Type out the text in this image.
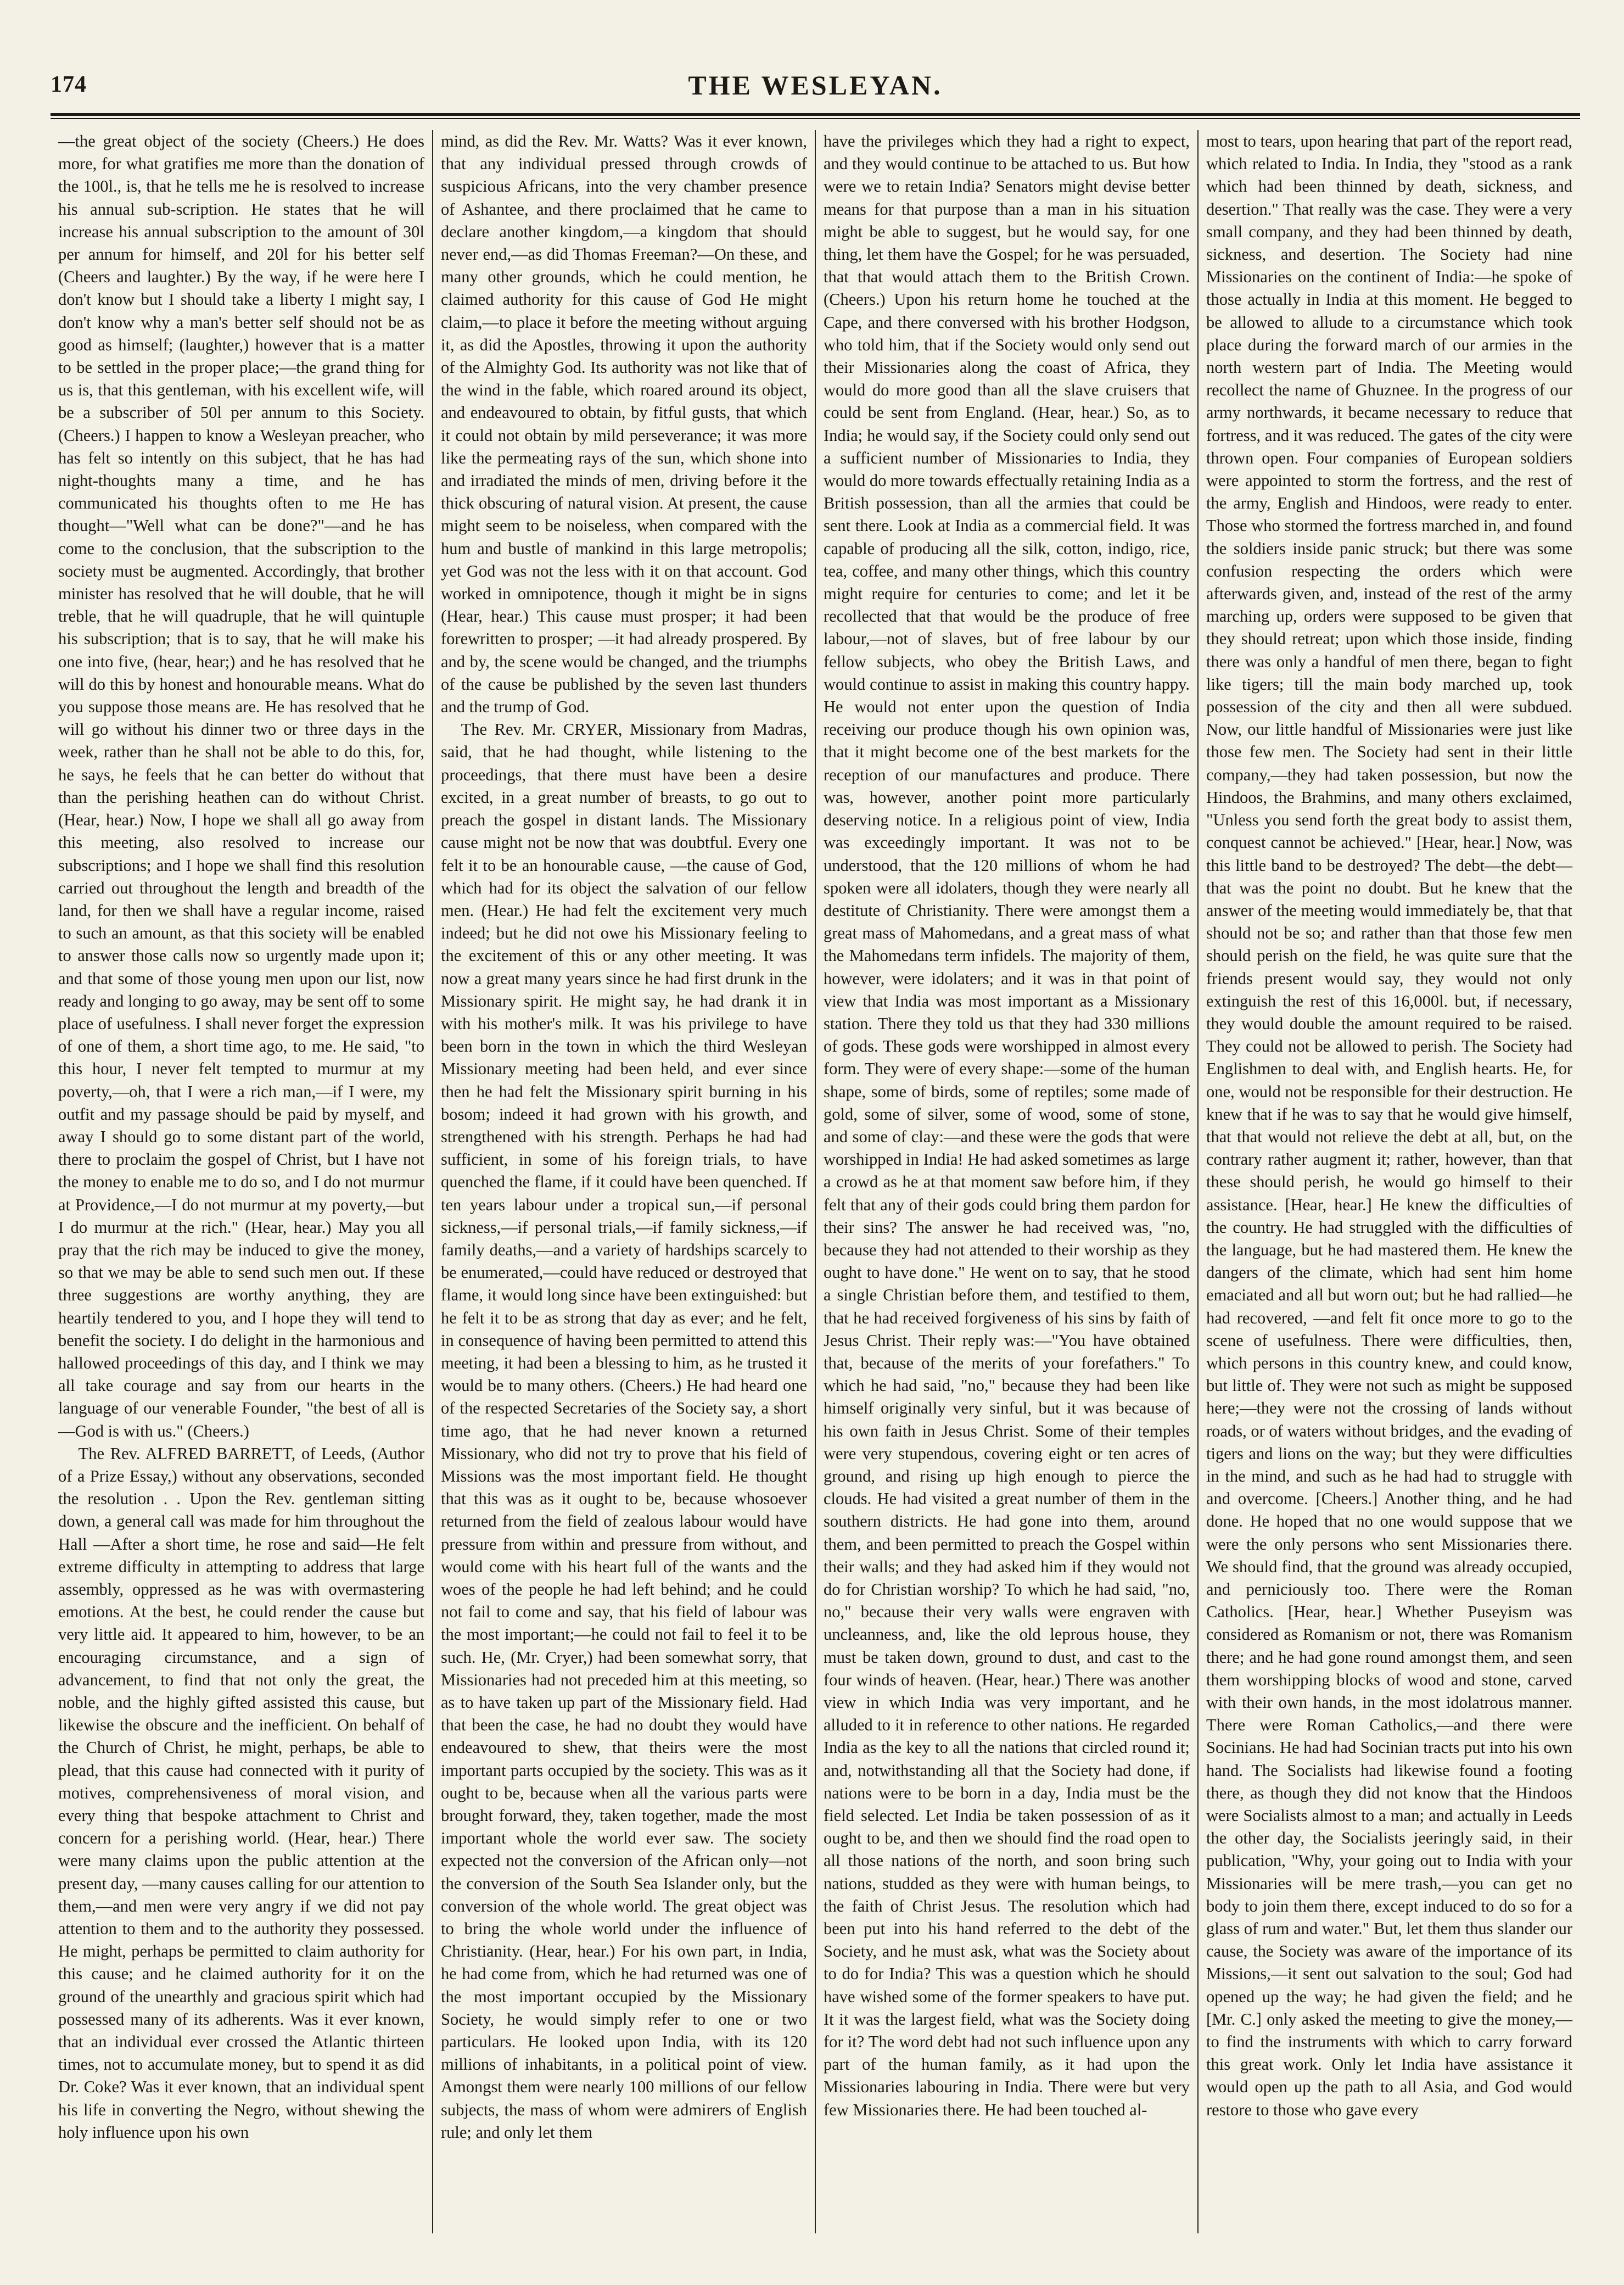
174	THE WESLEYAN.

—the great object of the society (Cheers.) He does more, for what gratifies me more than the donation of the 100l., is, that he tells me he is resolved to increase his annual sub-scription. He states that he will increase his annual subscription to the amount of 30l per annum for himself, and 20l for his better self (Cheers and laughter.) By the way, if he were here I don't know but I should take a liberty I might say, I don't know why a man's better self should not be as good as himself; (laughter,) however that is a matter to be settled in the proper place;—the grand thing for us is, that this gentleman, with his excellent wife, will be a subscriber of 50l per annum to this Society. (Cheers.) I happen to know a Wesleyan preacher, who has felt so intently on this subject, that he has had night-thoughts many a time, and he has communicated his thoughts often to me He has thought—"Well what can be done?"—and he has come to the conclusion, that the subscription to the society must be augmented. Accordingly, that brother minister has resolved that he will double, that he will treble, that he will quadruple, that he will quintuple his subscription; that is to say, that he will make his one into five, (hear, hear;) and he has resolved that he will do this by honest and honourable means. What do you suppose those means are. He has resolved that he will go without his dinner two or three days in the week, rather than he shall not be able to do this, for, he says, he feels that he can better do without that than the perishing heathen can do without Christ. (Hear, hear.) Now, I hope we shall all go away from this meeting, also resolved to increase our subscriptions; and I hope we shall find this resolution carried out throughout the length and breadth of the land, for then we shall have a regular income, raised to such an amount, as that this society will be enabled to answer those calls now so urgently made upon it; and that some of those young men upon our list, now ready and longing to go away, may be sent off to some place of usefulness. I shall never forget the expression of one of them, a short time ago, to me. He said, "to this hour, I never felt tempted to murmur at my poverty,—oh, that I were a rich man,—if I were, my outfit and my passage should be paid by myself, and away I should go to some distant part of the world, there to proclaim the gospel of Christ, but I have not the money to enable me to do so, and I do not murmur at Providence,—I do not murmur at my poverty,—but I do murmur at the rich." (Hear, hear.) May you all pray that the rich may be induced to give the money, so that we may be able to send such men out. If these three suggestions are worthy anything, they are heartily tendered to you, and I hope they will tend to benefit the society. I do delight in the harmonious and hallowed proceedings of this day, and I think we may all take courage and say from our hearts in the language of our venerable Founder, "the best of all is—God is with us." (Cheers.)

The Rev. ALFRED BARRETT, of Leeds, (Author of a Prize Essay,) without any observations, seconded the resolution . . Upon the Rev. gentleman sitting down, a general call was made for him throughout the Hall —After a short time, he rose and said—He felt extreme difficulty in attempting to address that large assembly, oppressed as he was with overmastering emotions. At the best, he could render the cause but very little aid. It appeared to him, however, to be an encouraging circumstance, and a sign of advancement, to find that not only the great, the noble, and the highly gifted assisted this cause, but likewise the obscure and the inefficient. On behalf of the Church of Christ, he might, perhaps, be able to plead, that this cause had connected with it purity of motives, comprehensiveness of moral vision, and every thing that bespoke attachment to Christ and concern for a perishing world. (Hear, hear.) There were many claims upon the public attention at the present day, —many causes calling for our attention to them,—and men were very angry if we did not pay attention to them and to the authority they possessed. He might, perhaps be permitted to claim authority for this cause; and he claimed authority for it on the ground of the unearthly and gracious spirit which had possessed many of its adherents. Was it ever known, that an individual ever crossed the Atlantic thirteen times, not to accumulate money, but to spend it as did Dr. Coke? Was it ever known, that an individual spent his life in converting the Negro, without shewing the holy influence upon his own

mind, as did the Rev. Mr. Watts? Was it ever known, that any individual pressed through crowds of suspicious Africans, into the very chamber presence of Ashantee, and there proclaimed that he came to declare another kingdom,—a kingdom that should never end,—as did Thomas Freeman?—On these, and many other grounds, which he could mention, he claimed authority for this cause of God He might claim,—to place it before the meeting without arguing it, as did the Apostles, throwing it upon the authority of the Almighty God. Its authority was not like that of the wind in the fable, which roared around its object, and endeavoured to obtain, by fitful gusts, that which it could not obtain by mild perseverance; it was more like the permeating rays of the sun, which shone into and irradiated the minds of men, driving before it the thick obscuring of natural vision. At present, the cause might seem to be noiseless, when compared with the hum and bustle of mankind in this large metropolis; yet God was not the less with it on that account. God worked in omnipotence, though it might be in signs (Hear, hear.) This cause must prosper; it had been forewritten to prosper; —it had already prospered. By and by, the scene would be changed, and the triumphs of the cause be published by the seven last thunders and the trump of God.

The Rev. Mr. CRYER, Missionary from Madras, said, that he had thought, while listening to the proceedings, that there must have been a desire excited, in a great number of breasts, to go out to preach the gospel in distant lands. The Missionary cause might not be now that was doubtful. Every one felt it to be an honourable cause, —the cause of God, which had for its object the salvation of our fellow men. (Hear.) He had felt the excitement very much indeed; but he did not owe his Missionary feeling to the excitement of this or any other meeting. It was now a great many years since he had first drunk in the Missionary spirit. He might say, he had drank it in with his mother's milk. It was his privilege to have been born in the town in which the third Wesleyan Missionary meeting had been held, and ever since then he had felt the Missionary spirit burning in his bosom; indeed it had grown with his growth, and strengthened with his strength. Perhaps he had had sufficient, in some of his foreign trials, to have quenched the flame, if it could have been quenched. If ten years labour under a tropical sun,—if personal sickness,—if personal trials,—if family sickness,—if family deaths,—and a variety of hardships scarcely to be enumerated,—could have reduced or destroyed that flame, it would long since have been extinguished: but he felt it to be as strong that day as ever; and he felt, in consequence of having been permitted to attend this meeting, it had been a blessing to him, as he trusted it would be to many others. (Cheers.) He had heard one of the respected Secretaries of the Society say, a short time ago, that he had never known a returned Missionary, who did not try to prove that his field of Missions was the most important field. He thought that this was as it ought to be, because whosoever returned from the field of zealous labour would have pressure from within and pressure from without, and would come with his heart full of the wants and the woes of the people he had left behind; and he could not fail to come and say, that his field of labour was the most important;—he could not fail to feel it to be such. He, (Mr. Cryer,) had been somewhat sorry, that Missionaries had not preceded him at this meeting, so as to have taken up part of the Missionary field. Had that been the case, he had no doubt they would have endeavoured to shew, that theirs were the most important parts occupied by the society. This was as it ought to be, because when all the various parts were brought forward, they, taken together, made the most important whole the world ever saw. The society expected not the conversion of the African only—not the conversion of the South Sea Islander only, but the conversion of the whole world. The great object was to bring the whole world under the influence of Christianity. (Hear, hear.) For his own part, in India, he had come from, which he had returned was one of the most important occupied by the Missionary Society, he would simply refer to one or two particulars. He looked upon India, with its 120 millions of inhabitants, in a political point of view. Amongst them were nearly 100 millions of our fellow subjects, the mass of whom were admirers of English rule; and only let them

have the privileges which they had a right to expect, and they would continue to be attached to us. But how were we to retain India? Senators might devise better means for that purpose than a man in his situation might be able to suggest, but he would say, for one thing, let them have the Gospel; for he was persuaded, that that would attach them to the British Crown. (Cheers.) Upon his return home he touched at the Cape, and there conversed with his brother Hodgson, who told him, that if the Society would only send out their Missionaries along the coast of Africa, they would do more good than all the slave cruisers that could be sent from England. (Hear, hear.) So, as to India; he would say, if the Society could only send out a sufficient number of Missionaries to India, they would do more towards effectually retaining India as a British possession, than all the armies that could be sent there. Look at India as a commercial field. It was capable of producing all the silk, cotton, indigo, rice, tea, coffee, and many other things, which this country might require for centuries to come; and let it be recollected that that would be the produce of free labour,—not of slaves, but of free labour by our fellow subjects, who obey the British Laws, and would continue to assist in making this country happy. He would not enter upon the question of India receiving our produce though his own opinion was, that it might become one of the best markets for the reception of our manufactures and produce. There was, however, another point more particularly deserving notice. In a religious point of view, India was exceedingly important. It was not to be understood, that the 120 millions of whom he had spoken were all idolaters, though they were nearly all destitute of Christianity. There were amongst them a great mass of Mahomedans, and a great mass of what the Mahomedans term infidels. The majority of them, however, were idolaters; and it was in that point of view that India was most important as a Missionary station. There they told us that they had 330 millions of gods. These gods were worshipped in almost every form. They were of every shape:—some of the human shape, some of birds, some of reptiles; some made of gold, some of silver, some of wood, some of stone, and some of clay:—and these were the gods that were worshipped in India! He had asked sometimes as large a crowd as he at that moment saw before him, if they felt that any of their gods could bring them pardon for their sins? The answer he had received was, "no, because they had not attended to their worship as they ought to have done." He went on to say, that he stood a single Christian before them, and testified to them, that he had received forgiveness of his sins by faith of Jesus Christ. Their reply was:—"You have obtained that, because of the merits of your forefathers." To which he had said, "no," because they had been like himself originally very sinful, but it was because of his own faith in Jesus Christ. Some of their temples were very stupendous, covering eight or ten acres of ground, and rising up high enough to pierce the clouds. He had visited a great number of them in the southern districts. He had gone into them, around them, and been permitted to preach the Gospel within their walls; and they had asked him if they would not do for Christian worship? To which he had said, "no, no," because their very walls were engraven with uncleanness, and, like the old leprous house, they must be taken down, ground to dust, and cast to the four winds of heaven. (Hear, hear.) There was another view in which India was very important, and he alluded to it in reference to other nations. He regarded India as the key to all the nations that circled round it; and, notwithstanding all that the Society had done, if nations were to be born in a day, India must be the field selected. Let India be taken possession of as it ought to be, and then we should find the road open to all those nations of the north, and soon bring such nations, studded as they were with human beings, to the faith of Christ Jesus. The resolution which had been put into his hand referred to the debt of the Society, and he must ask, what was the Society about to do for India? This was a question which he should have wished some of the former speakers to have put. It it was the largest field, what was the Society doing for it? The word debt had not such influence upon any part of the human family, as it had upon the Missionaries labouring in India. There were but very few Missionaries there. He had been touched al-

most to tears, upon hearing that part of the report read, which related to India. In India, they "stood as a rank which had been thinned by death, sickness, and desertion." That really was the case. They were a very small company, and they had been thinned by death, sickness, and desertion. The Society had nine Missionaries on the continent of India:—he spoke of those actually in India at this moment. He begged to be allowed to allude to a circumstance which took place during the forward march of our armies in the north western part of India. The Meeting would recollect the name of Ghuznee. In the progress of our army northwards, it became necessary to reduce that fortress, and it was reduced. The gates of the city were thrown open. Four companies of European soldiers were appointed to storm the fortress, and the rest of the army, English and Hindoos, were ready to enter. Those who stormed the fortress marched in, and found the soldiers inside panic struck; but there was some confusion respecting the orders which were afterwards given, and, instead of the rest of the army marching up, orders were supposed to be given that they should retreat; upon which those inside, finding there was only a handful of men there, began to fight like tigers; till the main body marched up, took possession of the city and then all were subdued. Now, our little handful of Missionaries were just like those few men. The Society had sent in their little company,—they had taken possession, but now the Hindoos, the Brahmins, and many others exclaimed, "Unless you send forth the great body to assist them, conquest cannot be achieved." [Hear, hear.] Now, was this little band to be destroyed? The debt—the debt—that was the point no doubt. But he knew that the answer of the meeting would immediately be, that that should not be so; and rather than that those few men should perish on the field, he was quite sure that the friends present would say, they would not only extinguish the rest of this 16,000l. but, if necessary, they would double the amount required to be raised. They could not be allowed to perish. The Society had Englishmen to deal with, and English hearts. He, for one, would not be responsible for their destruction. He knew that if he was to say that he would give himself, that that would not relieve the debt at all, but, on the contrary rather augment it; rather, however, than that these should perish, he would go himself to their assistance. [Hear, hear.] He knew the difficulties of the country. He had struggled with the difficulties of the language, but he had mastered them. He knew the dangers of the climate, which had sent him home emaciated and all but worn out; but he had rallied—he had recovered, —and felt fit once more to go to the scene of usefulness. There were difficulties, then, which persons in this country knew, and could know, but little of. They were not such as might be supposed here;—they were not the crossing of lands without roads, or of waters without bridges, and the evading of tigers and lions on the way; but they were difficulties in the mind, and such as he had had to struggle with and overcome. [Cheers.] Another thing, and he had done. He hoped that no one would suppose that we were the only persons who sent Missionaries there. We should find, that the ground was already occupied, and perniciously too. There were the Roman Catholics. [Hear, hear.] Whether Puseyism was considered as Romanism or not, there was Romanism there; and he had gone round amongst them, and seen them worshipping blocks of wood and stone, carved with their own hands, in the most idolatrous manner. There were Roman Catholics,—and there were Socinians. He had had Socinian tracts put into his own hand. The Socialists had likewise found a footing there, as though they did not know that the Hindoos were Socialists almost to a man; and actually in Leeds the other day, the Socialists jeeringly said, in their publication, "Why, your going out to India with your Missionaries will be mere trash,—you can get no body to join them there, except induced to do so for a glass of rum and water." But, let them thus slander our cause, the Society was aware of the importance of its Missions,—it sent out salvation to the soul; God had opened up the way; he had given the field; and he [Mr. C.] only asked the meeting to give the money,—to find the instruments with which to carry forward this great work. Only let India have assistance it would open up the path to all Asia, and God would restore to those who gave every
